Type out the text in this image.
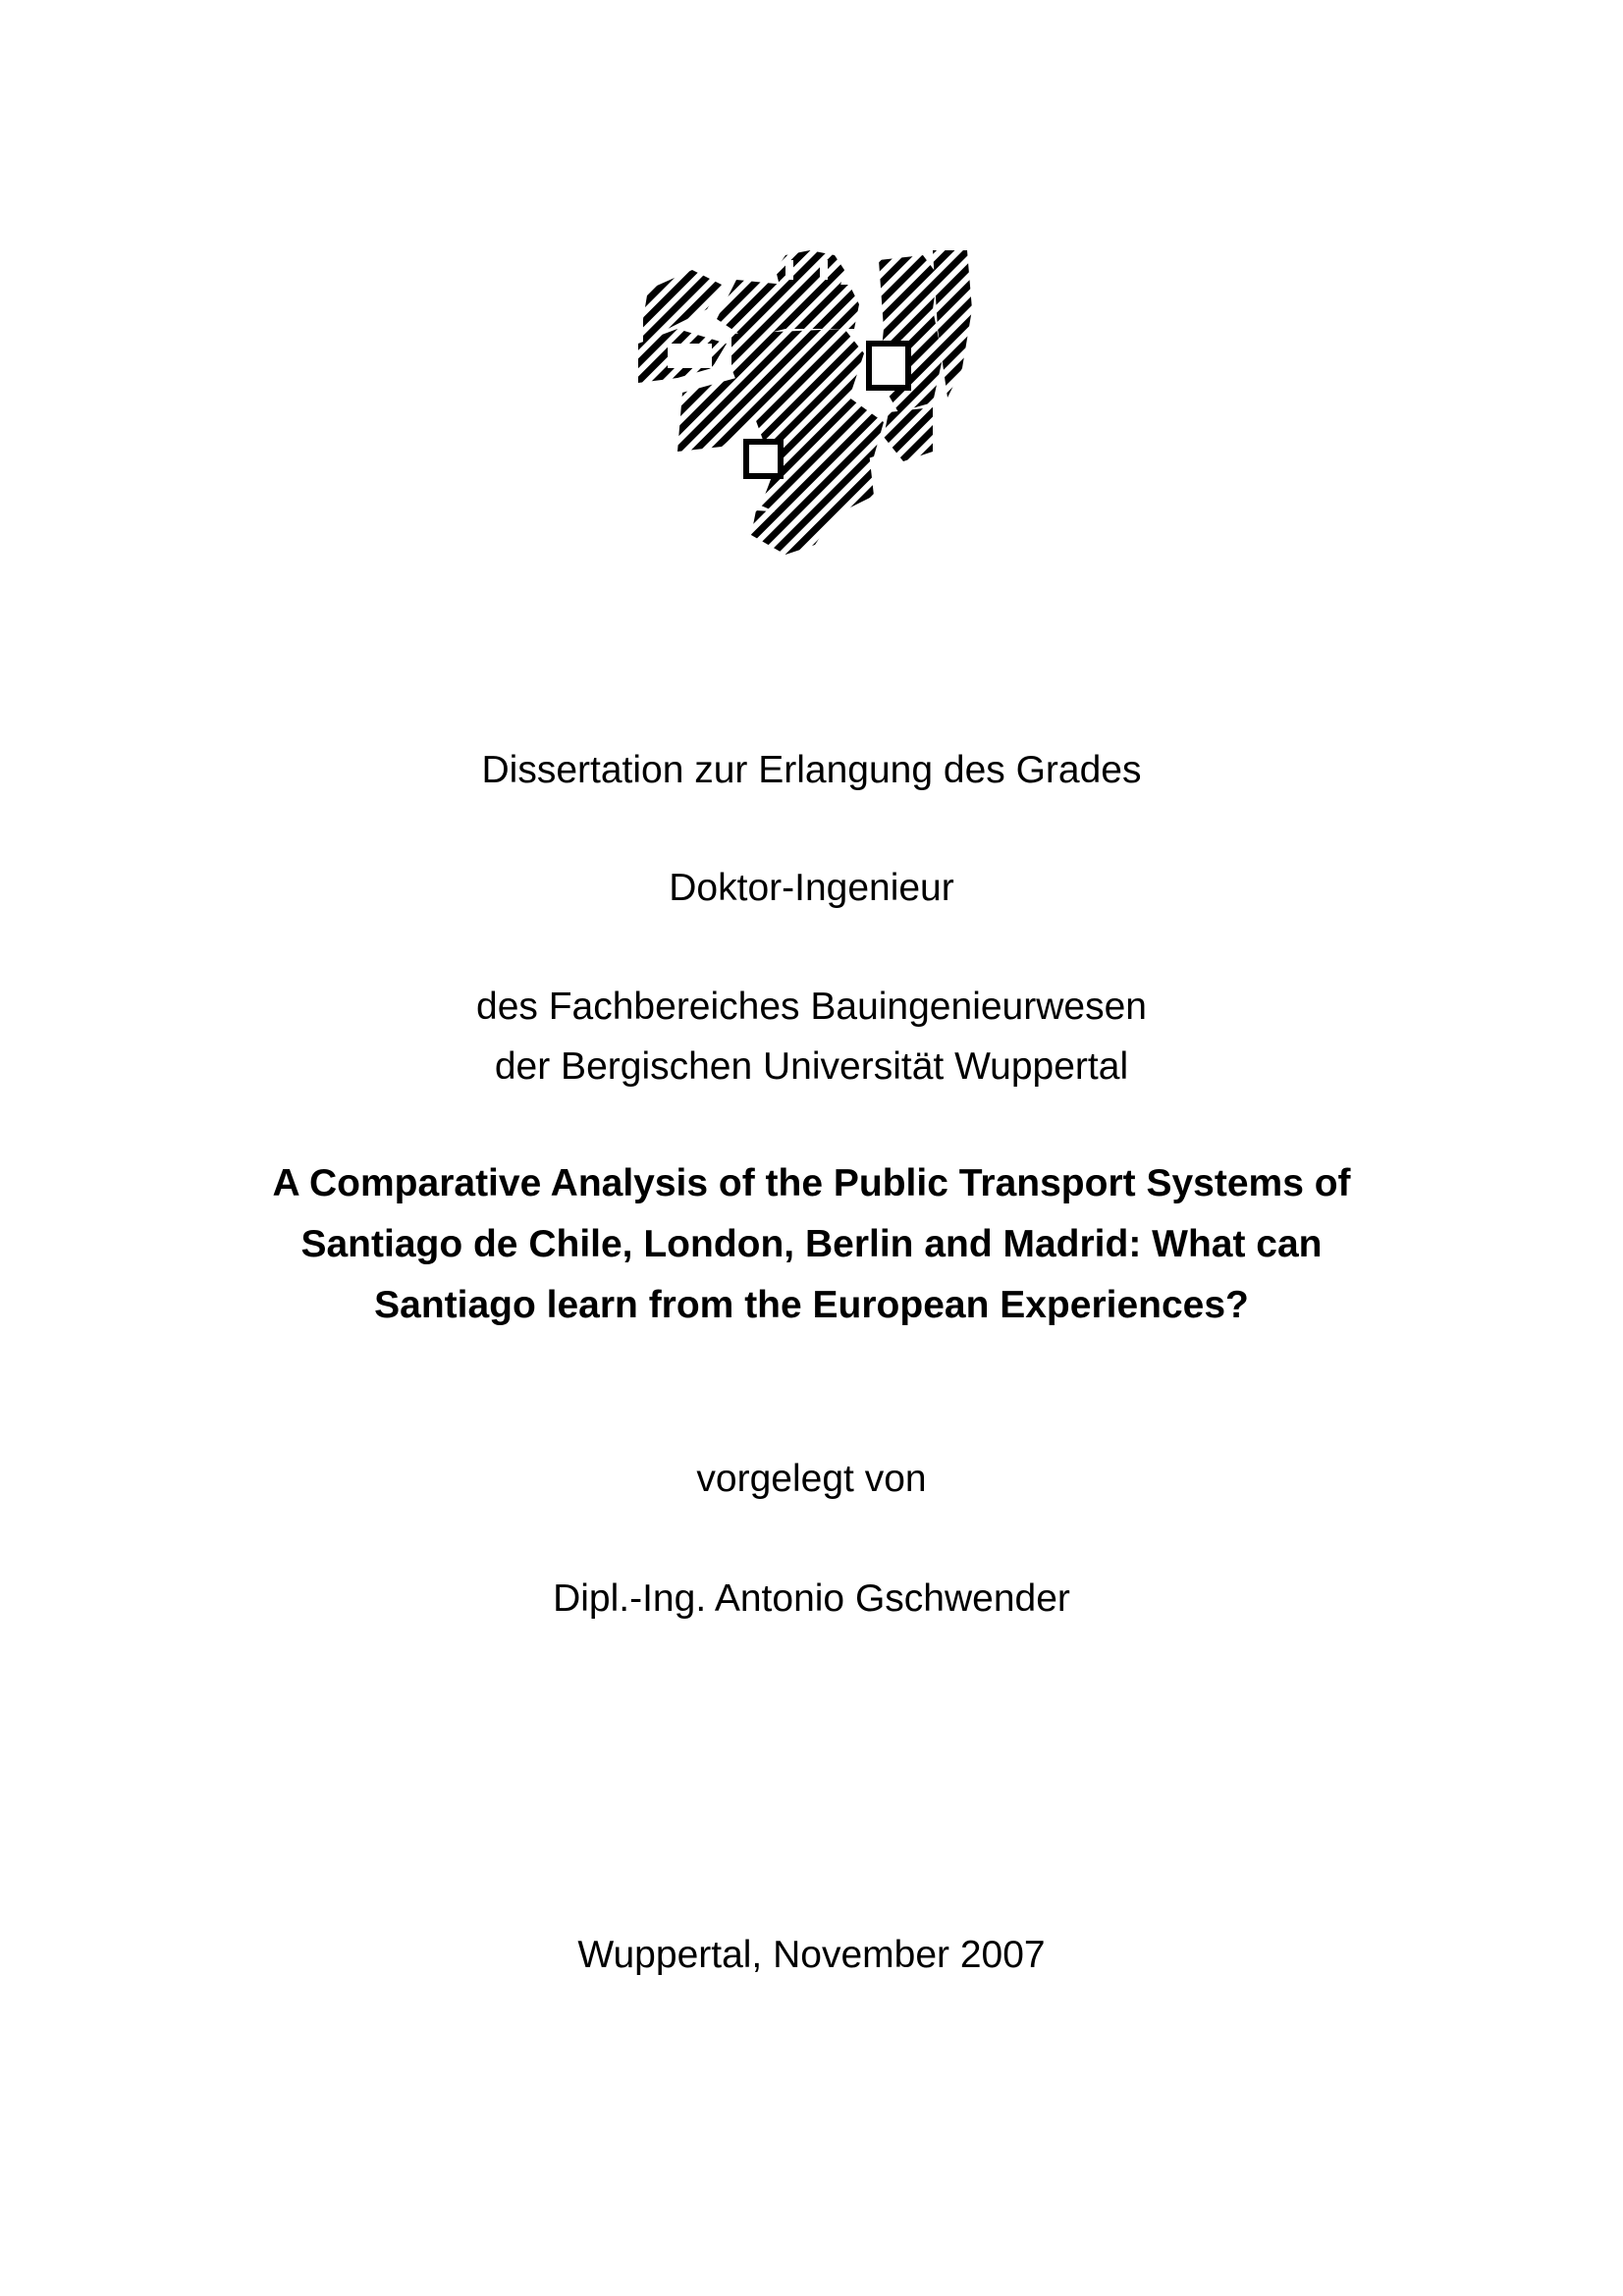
Dissertation zur Erlangung des Grades
Doktor-Ingenieur
des Fachbereiches Bauingenieurwesen
der Bergischen Universität Wuppertal
A Comparative Analysis of the Public Transport Systems of
Santiago de Chile, London, Berlin and Madrid: What can
Santiago learn from the European Experiences?
vorgelegt von
Dipl.-Ing. Antonio Gschwender
Wuppertal, November 2007
